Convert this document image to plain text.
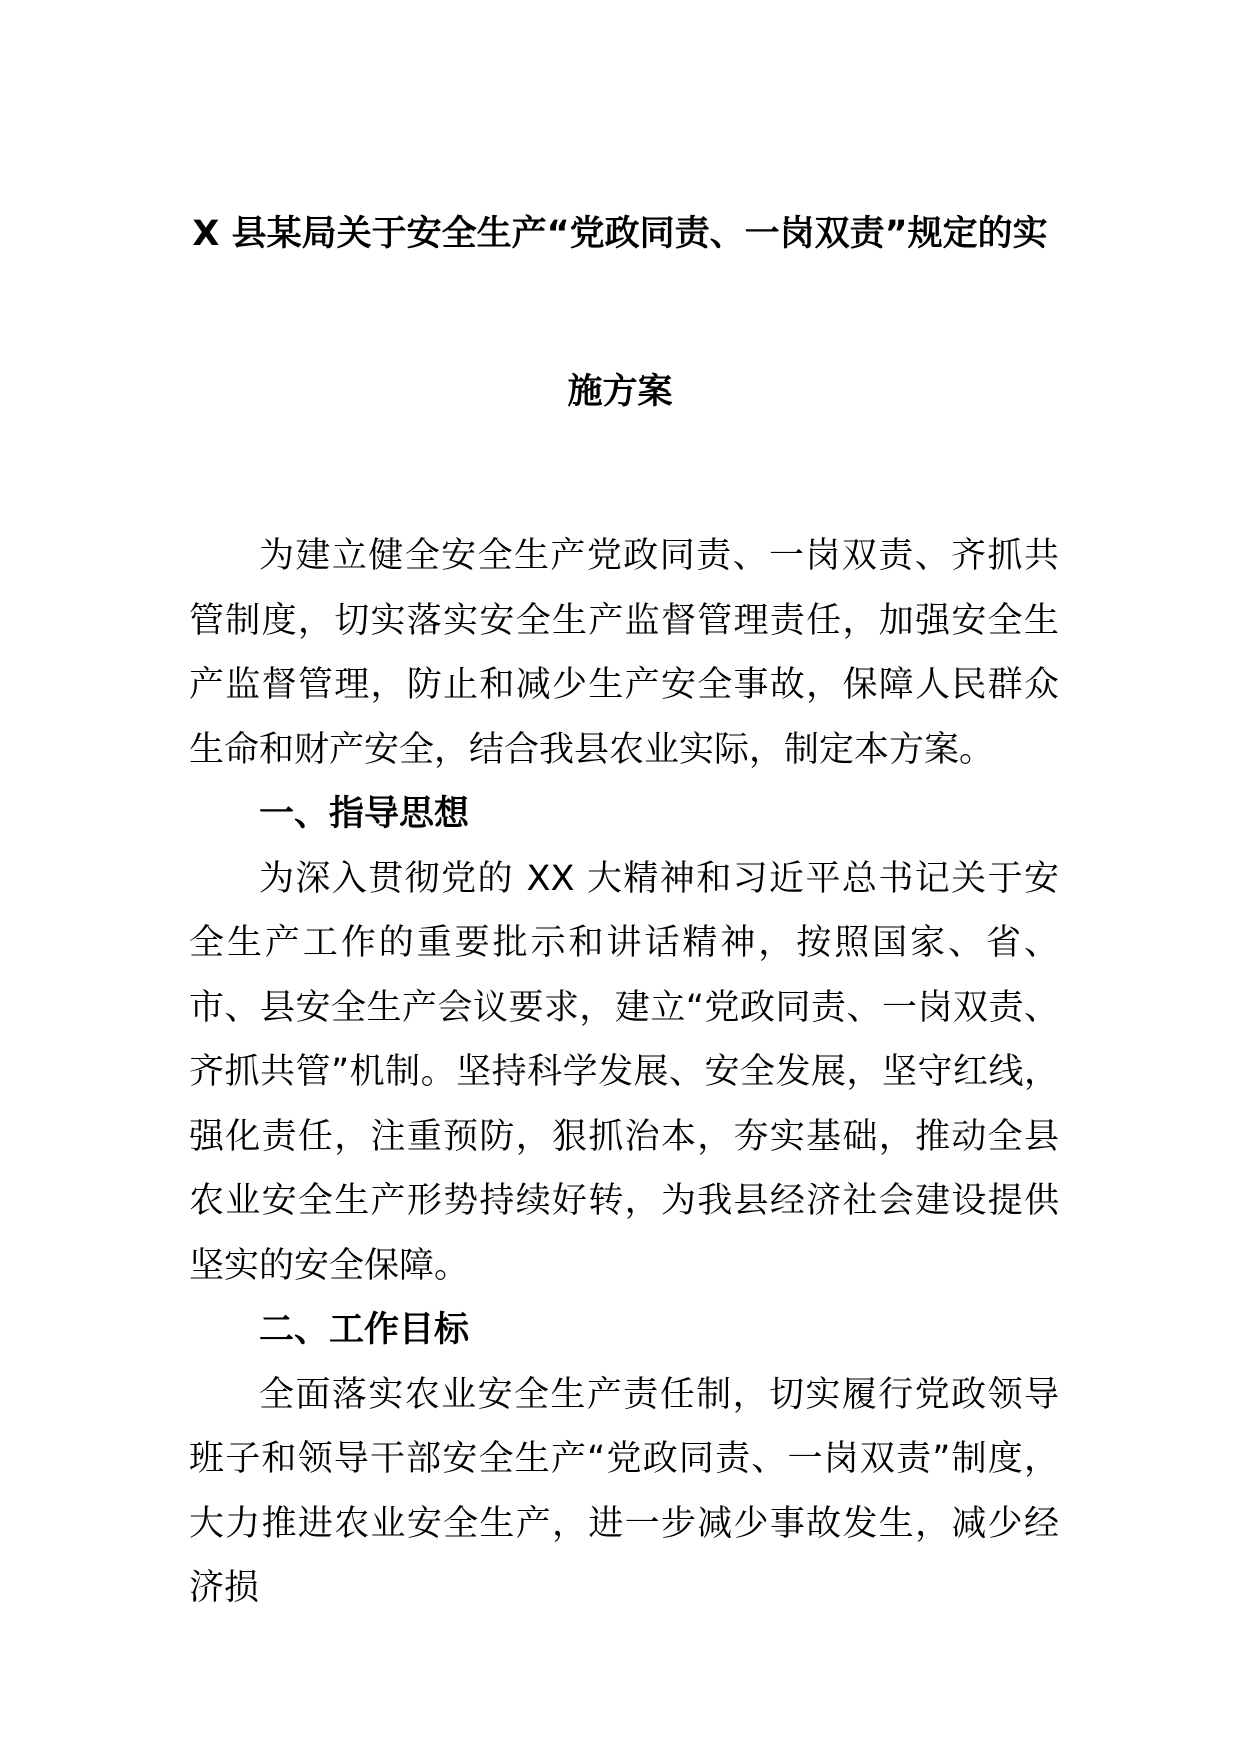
X 县某局关于安全生产“党政同责、一岗双责”规定的实
施方案

为建立健全安全生产党政同责、一岗双责、齐抓共管制度，切实落实安全生产监督管理责任，加强安全生产监督管理，防止和减少生产安全事故，保障人民群众生命和财产安全，结合我县农业实际，制定本方案。

一、指导思想

为深入贯彻党的 XX 大精神和习近平总书记关于安全生产工作的重要批示和讲话精神，按照国家、省、市、县安全生产会议要求，建立“党政同责、一岗双责、齐抓共管”机制。坚持科学发展、安全发展，坚守红线，强化责任，注重预防，狠抓治本，夯实基础，推动全县农业安全生产形势持续好转，为我县经济社会建设提供坚实的安全保障。

二、工作目标

全面落实农业安全生产责任制，切实履行党政领导班子和领导干部安全生产“党政同责、一岗双责”制度，大力推进农业安全生产，进一步减少事故发生，减少经济损
